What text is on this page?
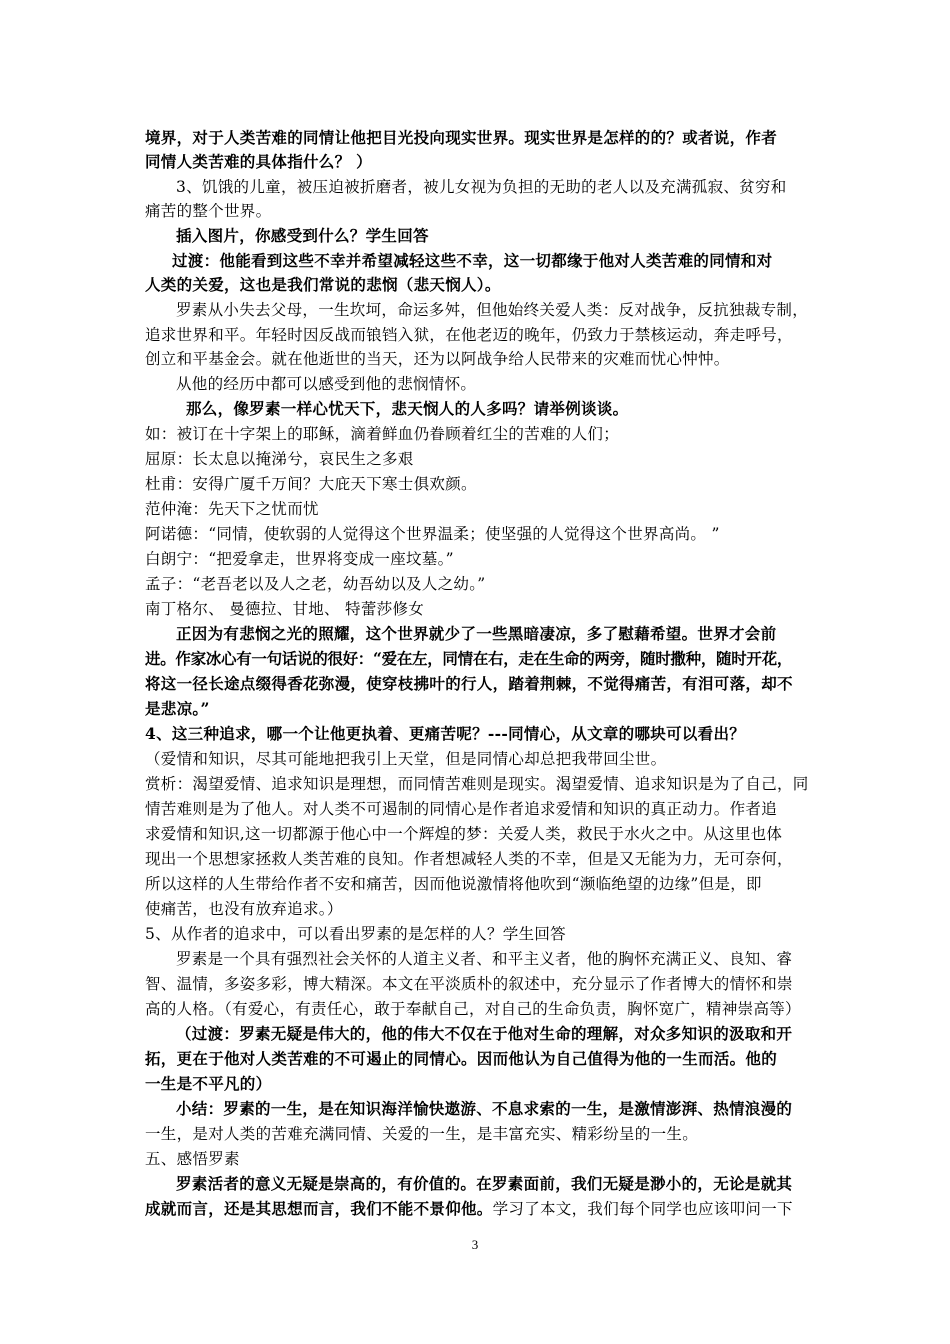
境界，对于人类苦难的同情让他把目光投向现实世界。现实世界是怎样的的？或者说，作者
同情人类苦难的具体指什么？ ）
3、饥饿的儿童，被压迫被折磨者，被儿女视为负担的无助的老人以及充满孤寂、贫穷和
痛苦的整个世界。
插入图片，你感受到什么？学生回答
过渡：他能看到这些不幸并希望减轻这些不幸，这一切都缘于他对人类苦难的同情和对
人类的关爱，这也是我们常说的悲悯（悲天悯人）。
罗素从小失去父母，一生坎坷，命运多舛，但他始终关爱人类：反对战争，反抗独裁专制，
追求世界和平。年轻时因反战而锒铛入狱，在他老迈的晚年，仍致力于禁核运动，奔走呼号，
创立和平基金会。就在他逝世的当天，还为以阿战争给人民带来的灾难而忧心忡忡。
从他的经历中都可以感受到他的悲悯情怀。
那么，像罗素一样心忧天下，悲天悯人的人多吗？请举例谈谈。
如：被订在十字架上的耶稣，滴着鲜血仍眷顾着红尘的苦难的人们；
屈原：长太息以掩涕兮，哀民生之多艰
杜甫：安得广厦千万间？大庇天下寒士俱欢颜。
范仲淹：先天下之忧而忧
阿诺德：“同情，使软弱的人觉得这个世界温柔；使坚强的人觉得这个世界高尚。 ”
白朗宁：“把爱拿走，世界将变成一座坟墓。”
孟子：“老吾老以及人之老，幼吾幼以及人之幼。”
南丁格尔、 曼德拉、甘地、 特蕾莎修女
正因为有悲悯之光的照耀，这个世界就少了一些黑暗凄凉，多了慰藉希望。世界才会前
进。作家冰心有一句话说的很好：“爱在左，同情在右，走在生命的两旁，随时撒种，随时开花，
将这一径长途点缀得香花弥漫，使穿枝拂叶的行人，踏着荆棘，不觉得痛苦，有泪可落，却不
是悲凉。”
4、这三种追求，哪一个让他更执着、更痛苦呢？---同情心，从文章的哪块可以看出？
（爱情和知识，尽其可能地把我引上天堂，但是同情心却总把我带回尘世。
赏析：渴望爱情、追求知识是理想，而同情苦难则是现实。渴望爱情、追求知识是为了自己，同
情苦难则是为了他人。对人类不可遏制的同情心是作者追求爱情和知识的真正动力。作者追
求爱情和知识,这一切都源于他心中一个辉煌的梦：关爱人类，救民于水火之中。从这里也体
现出一个思想家拯救人类苦难的良知。作者想减轻人类的不幸，但是又无能为力，无可奈何，
所以这样的人生带给作者不安和痛苦，因而他说激情将他吹到“濒临绝望的边缘”但是，即
使痛苦，也没有放弃追求。）
5、从作者的追求中，可以看出罗素的是怎样的人？学生回答
罗素是一个具有强烈社会关怀的人道主义者、和平主义者，他的胸怀充满正义、良知、睿
智、温情，多姿多彩，博大精深。本文在平淡质朴的叙述中，充分显示了作者博大的情怀和崇
高的人格。（有爱心，有责任心，敢于奉献自己，对自己的生命负责，胸怀宽广，精神崇高等）
（过渡：罗素无疑是伟大的，他的伟大不仅在于他对生命的理解，对众多知识的汲取和开
拓，更在于他对人类苦难的不可遏止的同情心。因而他认为自己值得为他的一生而活。他的
一生是不平凡的）
小结：罗素的一生，是在知识海洋愉快遨游、不息求索的一生，是激情澎湃、热情浪漫的
一生，是对人类的苦难充满同情、关爱的一生，是丰富充实、精彩纷呈的一生。
五、感悟罗素
罗素活者的意义无疑是崇高的，有价值的。在罗素面前，我们无疑是渺小的，无论是就其
成就而言，还是其思想而言，我们不能不景仰他。学习了本文，我们每个同学也应该叩问一下
3
